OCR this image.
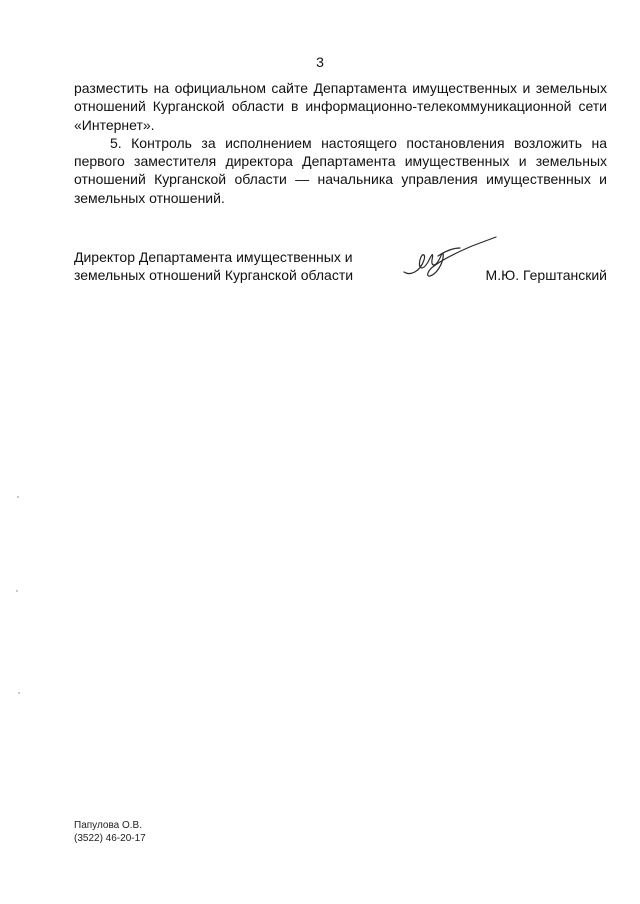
3

разместить на официальном сайте Департамента имущественных и земельных отношений Курганской области в информационно-телекоммуникационной сети «Интернет».

5. Контроль за исполнением настоящего постановления возложить на первого заместителя директора Департамента имущественных и земельных отношений Курганской области — начальника управления имущественных и земельных отношений.

Директор Департамента имущественных и
земельных отношений Курганской области	М.Ю. Герштанский
Папулова О.В.
(3522) 46-20-17
